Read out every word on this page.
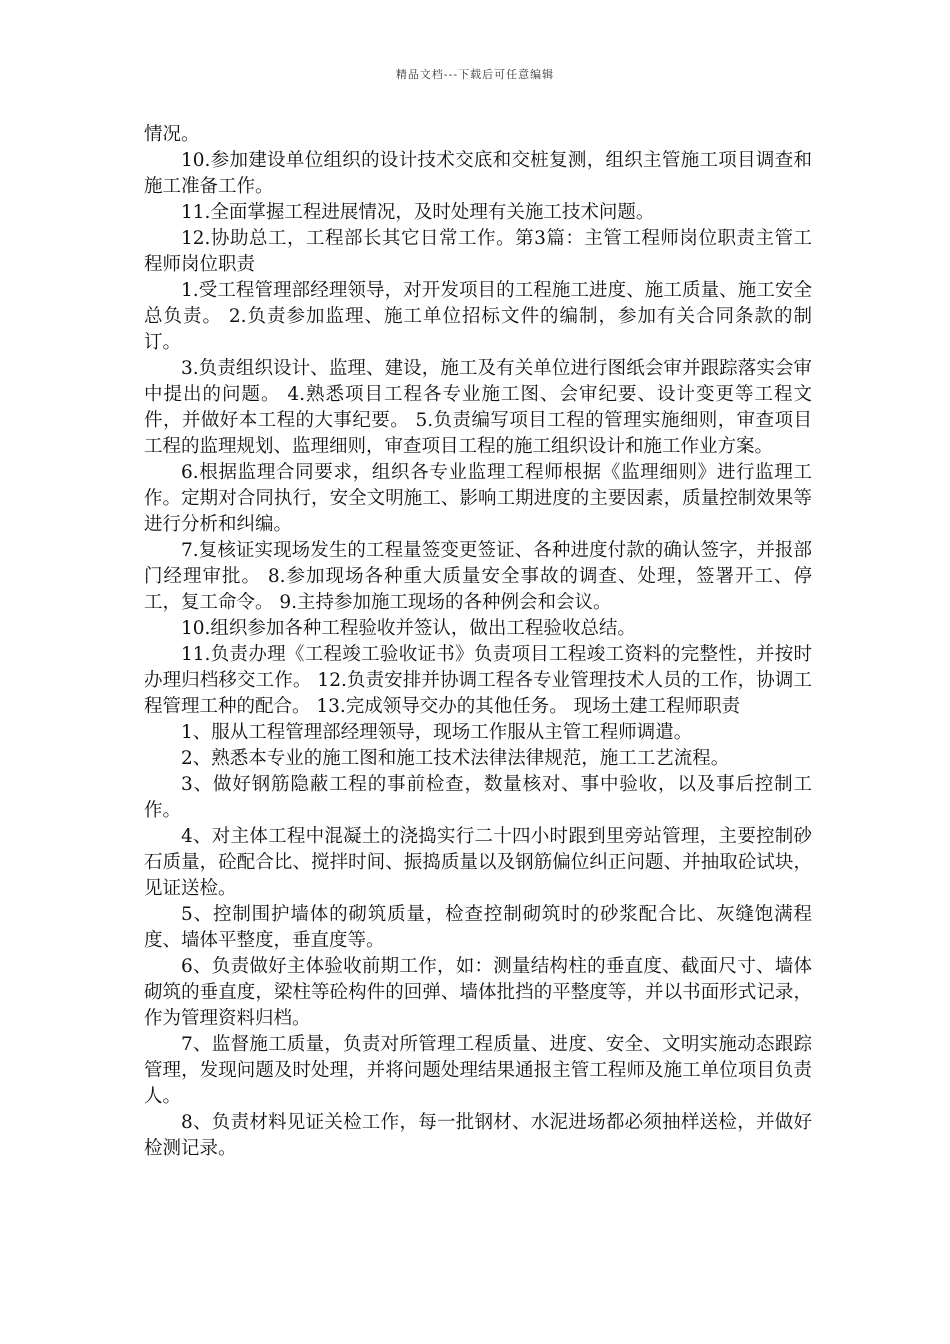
精品文档---下载后可任意编辑

情况。

10.参加建设单位组织的设计技术交底和交桩复测，组织主管施工项目调查和施工准备工作。

11.全面掌握工程进展情况，及时处理有关施工技术问题。

12.协助总工，工程部长其它日常工作。第3篇：主管工程师岗位职责主管工程师岗位职责

1.受工程管理部经理领导，对开发项目的工程施工进度、施工质量、施工安全总负责。 2.负责参加监理、施工单位招标文件的编制，参加有关合同条款的制订。

3.负责组织设计、监理、建设，施工及有关单位进行图纸会审并跟踪落实会审中提出的问题。 4.熟悉项目工程各专业施工图、会审纪要、设计变更等工程文件，并做好本工程的大事纪要。 5.负责编写项目工程的管理实施细则，审查项目工程的监理规划、监理细则，审查项目工程的施工组织设计和施工作业方案。

6.根据监理合同要求，组织各专业监理工程师根据《监理细则》进行监理工作。定期对合同执行，安全文明施工、影响工期进度的主要因素，质量控制效果等进行分析和纠编。

7.复核证实现场发生的工程量签变更签证、各种进度付款的确认签字，并报部门经理审批。 8.参加现场各种重大质量安全事故的调查、处理，签署开工、停工，复工命令。 9.主持参加施工现场的各种例会和会议。

10.组织参加各种工程验收并签认，做出工程验收总结。

11.负责办理《工程竣工验收证书》负责项目工程竣工资料的完整性，并按时办理归档移交工作。 12.负责安排并协调工程各专业管理技术人员的工作，协调工程管理工种的配合。 13.完成领导交办的其他任务。 现场土建工程师职责

1、服从工程管理部经理领导，现场工作服从主管工程师调遣。

2、熟悉本专业的施工图和施工技术法律法律规范，施工工艺流程。

3、做好钢筋隐蔽工程的事前检查，数量核对、事中验收，以及事后控制工作。

4、对主体工程中混凝土的浇捣实行二十四小时跟到里旁站管理，主要控制砂石质量，砼配合比、搅拌时间、振捣质量以及钢筋偏位纠正问题、并抽取砼试块，见证送检。

5、控制围护墙体的砌筑质量，检查控制砌筑时的砂浆配合比、灰缝饱满程度、墙体平整度，垂直度等。

6、负责做好主体验收前期工作，如：测量结构柱的垂直度、截面尺寸、墙体砌筑的垂直度，梁柱等砼构件的回弹、墙体批挡的平整度等，并以书面形式记录，作为管理资料归档。

7、监督施工质量，负责对所管理工程质量、进度、安全、文明实施动态跟踪管理，发现问题及时处理，并将问题处理结果通报主管工程师及施工单位项目负责人。

8、负责材料见证关检工作，每一批钢材、水泥进场都必须抽样送检，并做好检测记录。
